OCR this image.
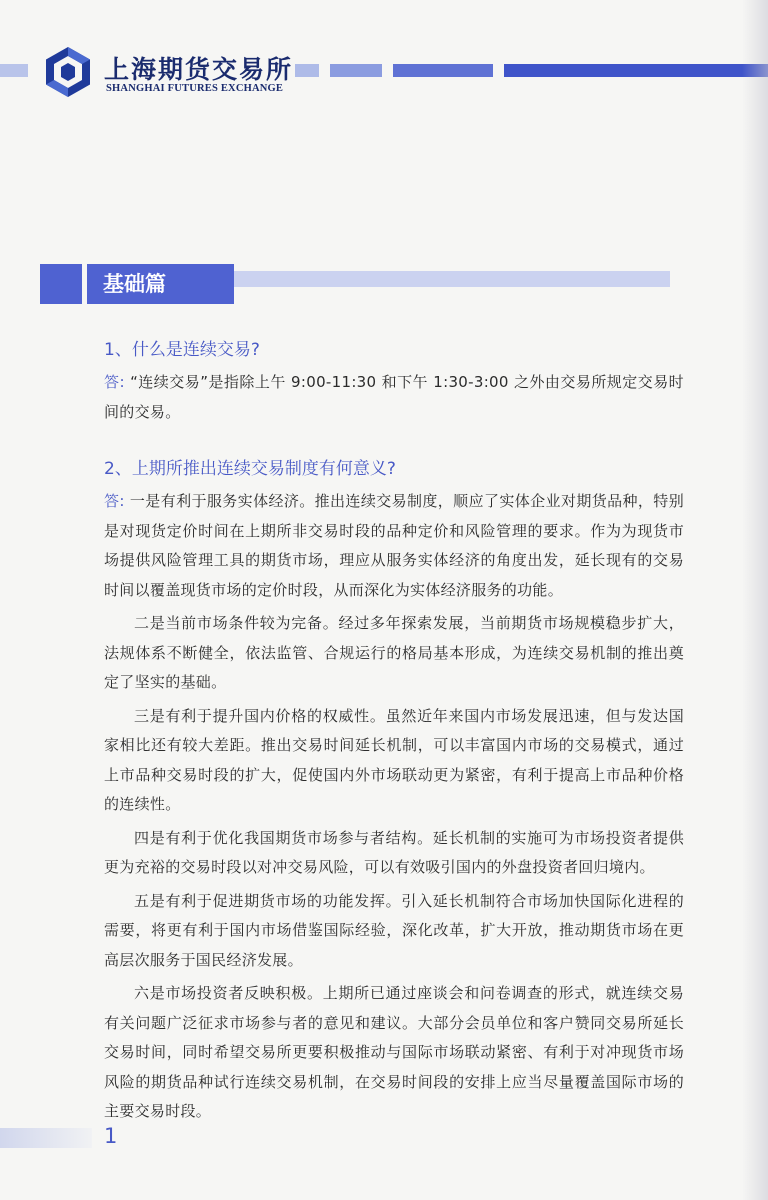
上海期货交易所
SHANGHAI FUTURES EXCHANGE
基础篇

1、什么是连续交易?

答: “连续交易”是指除上午 9:00-11:30 和下午 1:30-3:00 之外由交易所规定交易时间的交易。

2、上期所推出连续交易制度有何意义?

答: 一是有利于服务实体经济。推出连续交易制度，顺应了实体企业对期货品种，特别是对现货定价时间在上期所非交易时段的品种定价和风险管理的要求。作为为现货市场提供风险管理工具的期货市场，理应从服务实体经济的角度出发，延长现有的交易时间以覆盖现货市场的定价时段，从而深化为实体经济服务的功能。

二是当前市场条件较为完备。经过多年探索发展，当前期货市场规模稳步扩大，法规体系不断健全，依法监管、合规运行的格局基本形成，为连续交易机制的推出奠定了坚实的基础。

三是有利于提升国内价格的权威性。虽然近年来国内市场发展迅速，但与发达国家相比还有较大差距。推出交易时间延长机制，可以丰富国内市场的交易模式，通过上市品种交易时段的扩大，促使国内外市场联动更为紧密，有利于提高上市品种价格的连续性。

四是有利于优化我国期货市场参与者结构。延长机制的实施可为市场投资者提供更为充裕的交易时段以对冲交易风险，可以有效吸引国内的外盘投资者回归境内。

五是有利于促进期货市场的功能发挥。引入延长机制符合市场加快国际化进程的需要，将更有利于国内市场借鉴国际经验，深化改革，扩大开放，推动期货市场在更高层次服务于国民经济发展。

六是市场投资者反映积极。上期所已通过座谈会和问卷调查的形式，就连续交易有关问题广泛征求市场参与者的意见和建议。大部分会员单位和客户赞同交易所延长交易时间，同时希望交易所更要积极推动与国际市场联动紧密、有利于对冲现货市场风险的期货品种试行连续交易机制，在交易时间段的安排上应当尽量覆盖国际市场的主要交易时段。

1
